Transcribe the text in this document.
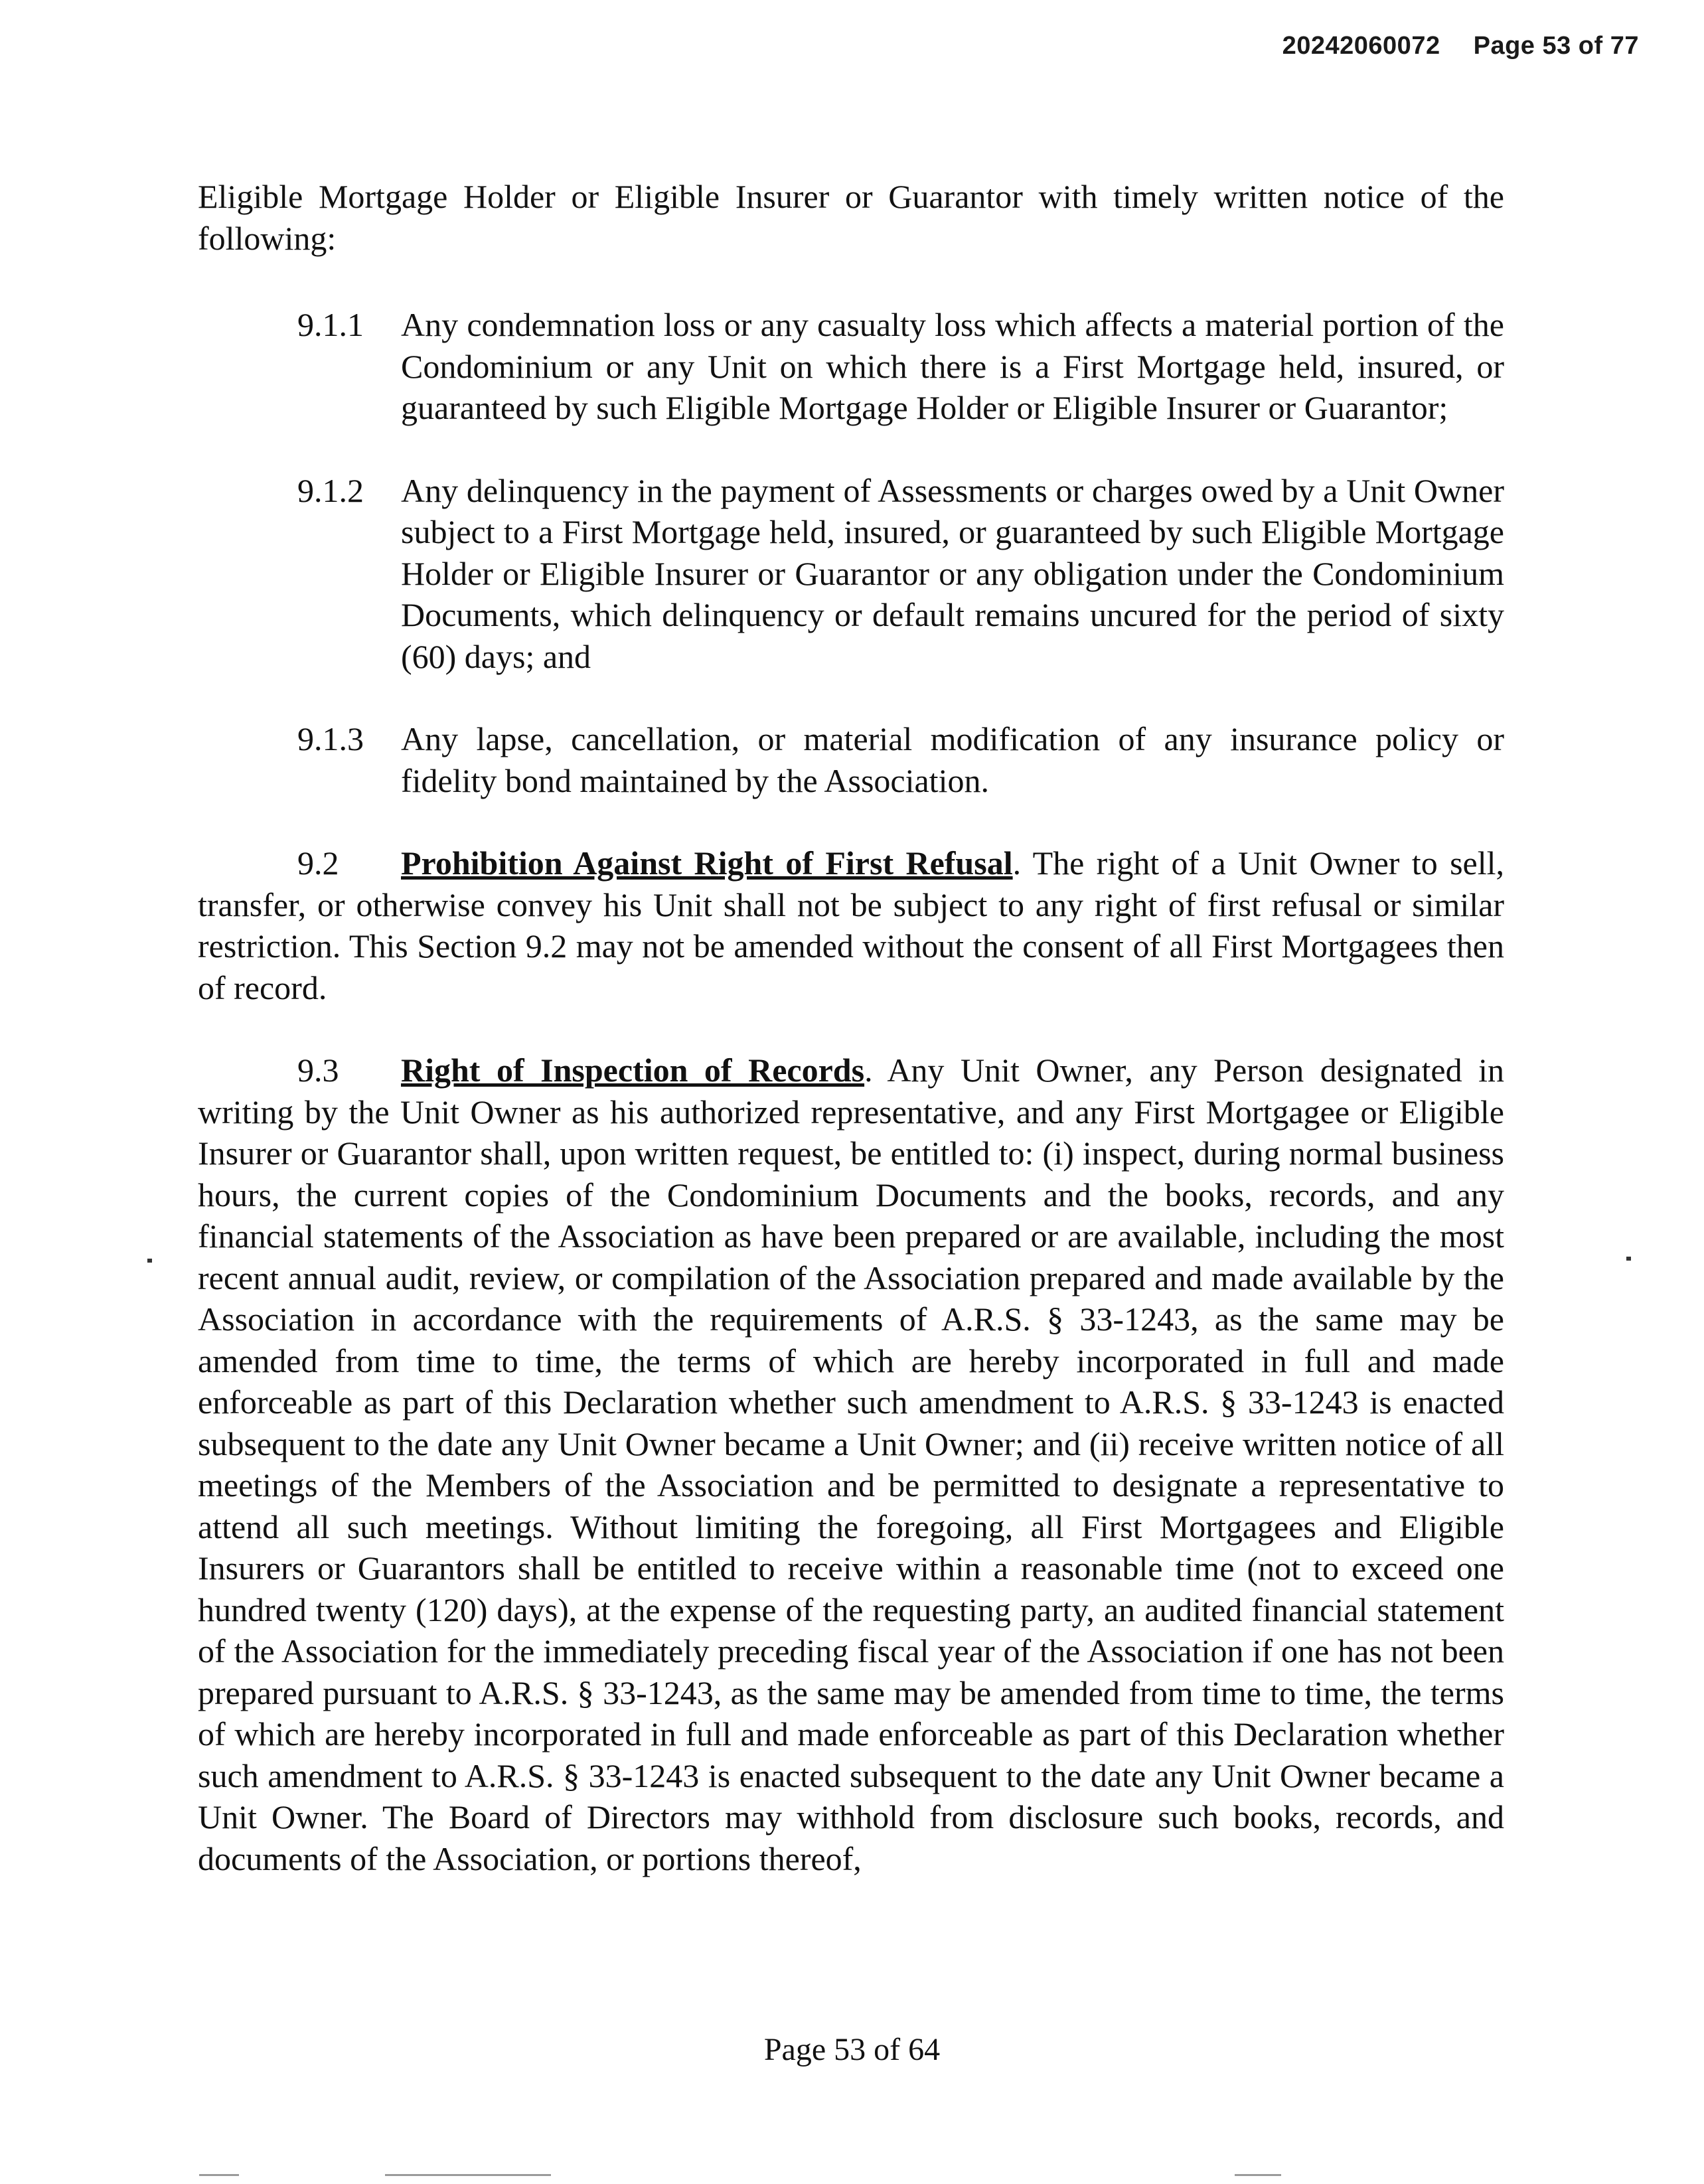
20242060072 Page 53 of 77

Eligible Mortgage Holder or Eligible Insurer or Guarantor with timely written notice of the following:

9.1.1 Any condemnation loss or any casualty loss which affects a material portion of the Condominium or any Unit on which there is a First Mortgage held, insured, or guaranteed by such Eligible Mortgage Holder or Eligible Insurer or Guarantor;

9.1.2 Any delinquency in the payment of Assessments or charges owed by a Unit Owner subject to a First Mortgage held, insured, or guaranteed by such Eligible Mortgage Holder or Eligible Insurer or Guarantor or any obligation under the Condominium Documents, which delinquency or default remains uncured for the period of sixty (60) days; and

9.1.3 Any lapse, cancellation, or material modification of any insurance policy or fidelity bond maintained by the Association.

9.2 Prohibition Against Right of First Refusal. The right of a Unit Owner to sell, transfer, or otherwise convey his Unit shall not be subject to any right of first refusal or similar restriction. This Section 9.2 may not be amended without the consent of all First Mortgagees then of record.

9.3 Right of Inspection of Records. Any Unit Owner, any Person designated in writing by the Unit Owner as his authorized representative, and any First Mortgagee or Eligible Insurer or Guarantor shall, upon written request, be entitled to: (i) inspect, during normal business hours, the current copies of the Condominium Documents and the books, records, and any financial statements of the Association as have been prepared or are available, including the most recent annual audit, review, or compilation of the Association prepared and made available by the Association in accordance with the requirements of A.R.S. § 33-1243, as the same may be amended from time to time, the terms of which are hereby incorporated in full and made enforceable as part of this Declaration whether such amendment to A.R.S. § 33-1243 is enacted subsequent to the date any Unit Owner became a Unit Owner; and (ii) receive written notice of all meetings of the Members of the Association and be permitted to designate a representative to attend all such meetings. Without limiting the foregoing, all First Mortgagees and Eligible Insurers or Guarantors shall be entitled to receive within a reasonable time (not to exceed one hundred twenty (120) days), at the expense of the requesting party, an audited financial statement of the Association for the immediately preceding fiscal year of the Association if one has not been prepared pursuant to A.R.S. § 33-1243, as the same may be amended from time to time, the terms of which are hereby incorporated in full and made enforceable as part of this Declaration whether such amendment to A.R.S. § 33-1243 is enacted subsequent to the date any Unit Owner became a Unit Owner. The Board of Directors may withhold from disclosure such books, records, and documents of the Association, or portions thereof,

Page 53 of 64
